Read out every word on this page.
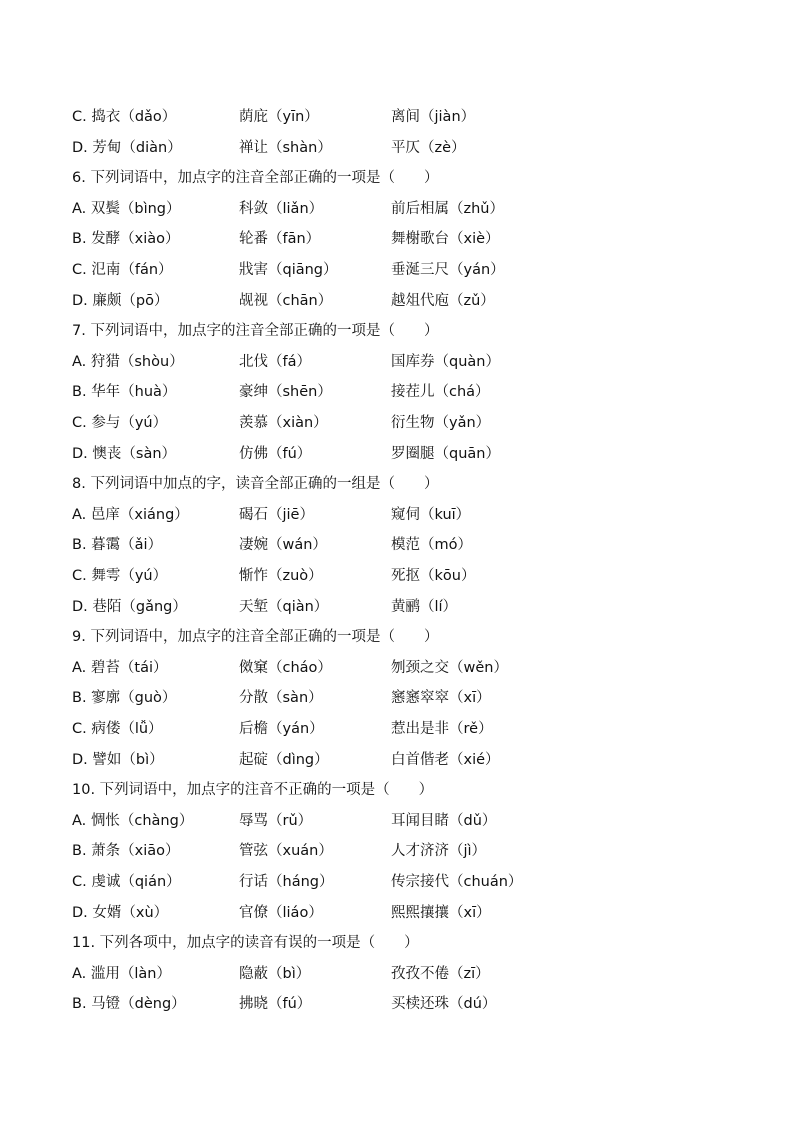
C. 捣衣（dǎo）	荫庇（yīn）	离间（jiàn）
D. 芳甸（diàn）	禅让（shàn）	平仄（zè）
6. 下列词语中，加点字的注音全部正确的一项是（　　）
A. 双鬓（bìng）	科敛（liǎn）	前后相属（zhǔ）
B. 发酵（xiào）	轮番（fān）	舞榭歌台（xiè）
C. 氾南（fán）	戕害（qiāng）	垂涎三尺（yán）
D. 廉颇（pō）	觇视（chān）	越俎代庖（zǔ）
7. 下列词语中，加点字的注音全部正确的一项是（　　）
A. 狩猎（shòu）	北伐（fá）	国库券（quàn）
B. 华年（huà）	豪绅（shēn）	接茬儿（chá）
C. 参与（yú）	羡慕（xiàn）	衍生物（yǎn）
D. 懊丧（sàn）	仿佛（fú）	罗圈腿（quān）
8. 下列词语中加点的字，读音全部正确的一组是（　　）
A. 邑庠（xiáng）	碣石（jiē）	窥伺（kuī）
B. 暮霭（ǎi）	凄婉（wán）	模范（mó）
C. 舞雩（yú）	惭怍（zuò）	死抠（kōu）
D. 巷陌（gǎng）	天堑（qiàn）	黄鹂（lí）
9. 下列词语中，加点字的注音全部正确的一项是（　　）
A. 碧苔（tái）	傚窠（cháo）	刎颈之交（wěn）
B. 寥廓（guò）	分散（sàn）	窸窸窣窣（xī）
C. 病偻（lǚ）	后檐（yán）	惹出是非（rě）
D. 譬如（bì）	起碇（dìng）	白首偕老（xié）
10. 下列词语中，加点字的注音不正确的一项是（　　）
A. 惆怅（chàng）	辱骂（rǔ）	耳闻目睹（dǔ）
B. 萧条（xiāo）	管弦（xuán）	人才济济（jì）
C. 虔诚（qián）	行话（háng）	传宗接代（chuán）
D. 女婿（xù）	官僚（liáo）	熙熙攘攘（xī）
11. 下列各项中，加点字的读音有误的一项是（　　）
A. 滥用（làn）	隐蔽（bì）	孜孜不倦（zī）
B. 马镫（dèng）	拂晓（fú）	买椟还珠（dú）
